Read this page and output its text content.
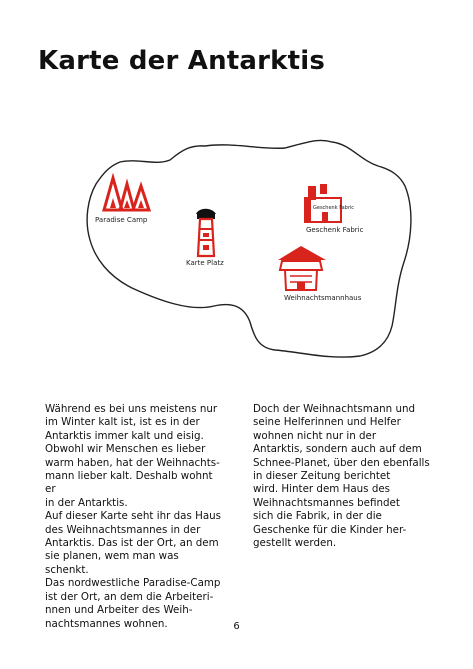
Karte der Antarktis
Paradise Camp
Karte Platz
Geschenk Fabric
Geschenk Fabric
Weihnachtsmannhaus

Während es bei uns meistens nur
im Winter kalt ist, ist es in der
Antarktis immer kalt und eisig.
Obwohl wir Menschen es lieber
warm haben, hat der Weihnachts-
mann lieber kalt. Deshalb wohnt er
in der Antarktis.

Auf dieser Karte seht ihr das Haus
des Weihnachtsmannes in der
Antarktis. Das ist der Ort, an dem
sie planen, wem man was schenkt.
Das nordwestliche Paradise-Camp
ist der Ort, an dem die Arbeiteri-
nnen und Arbeiter des Weih-
nachtsmannes wohnen.

Doch der Weihnachtsmann und
seine Helferinnen und Helfer
wohnen nicht nur in der
Antarktis, sondern auch auf dem
Schnee-Planet, über den ebenfalls
in dieser Zeitung berichtet
wird. Hinter dem Haus des
Weihnachtsmannes befindet
sich die Fabrik, in der die
Geschenke für die Kinder her-
gestellt werden.

6
